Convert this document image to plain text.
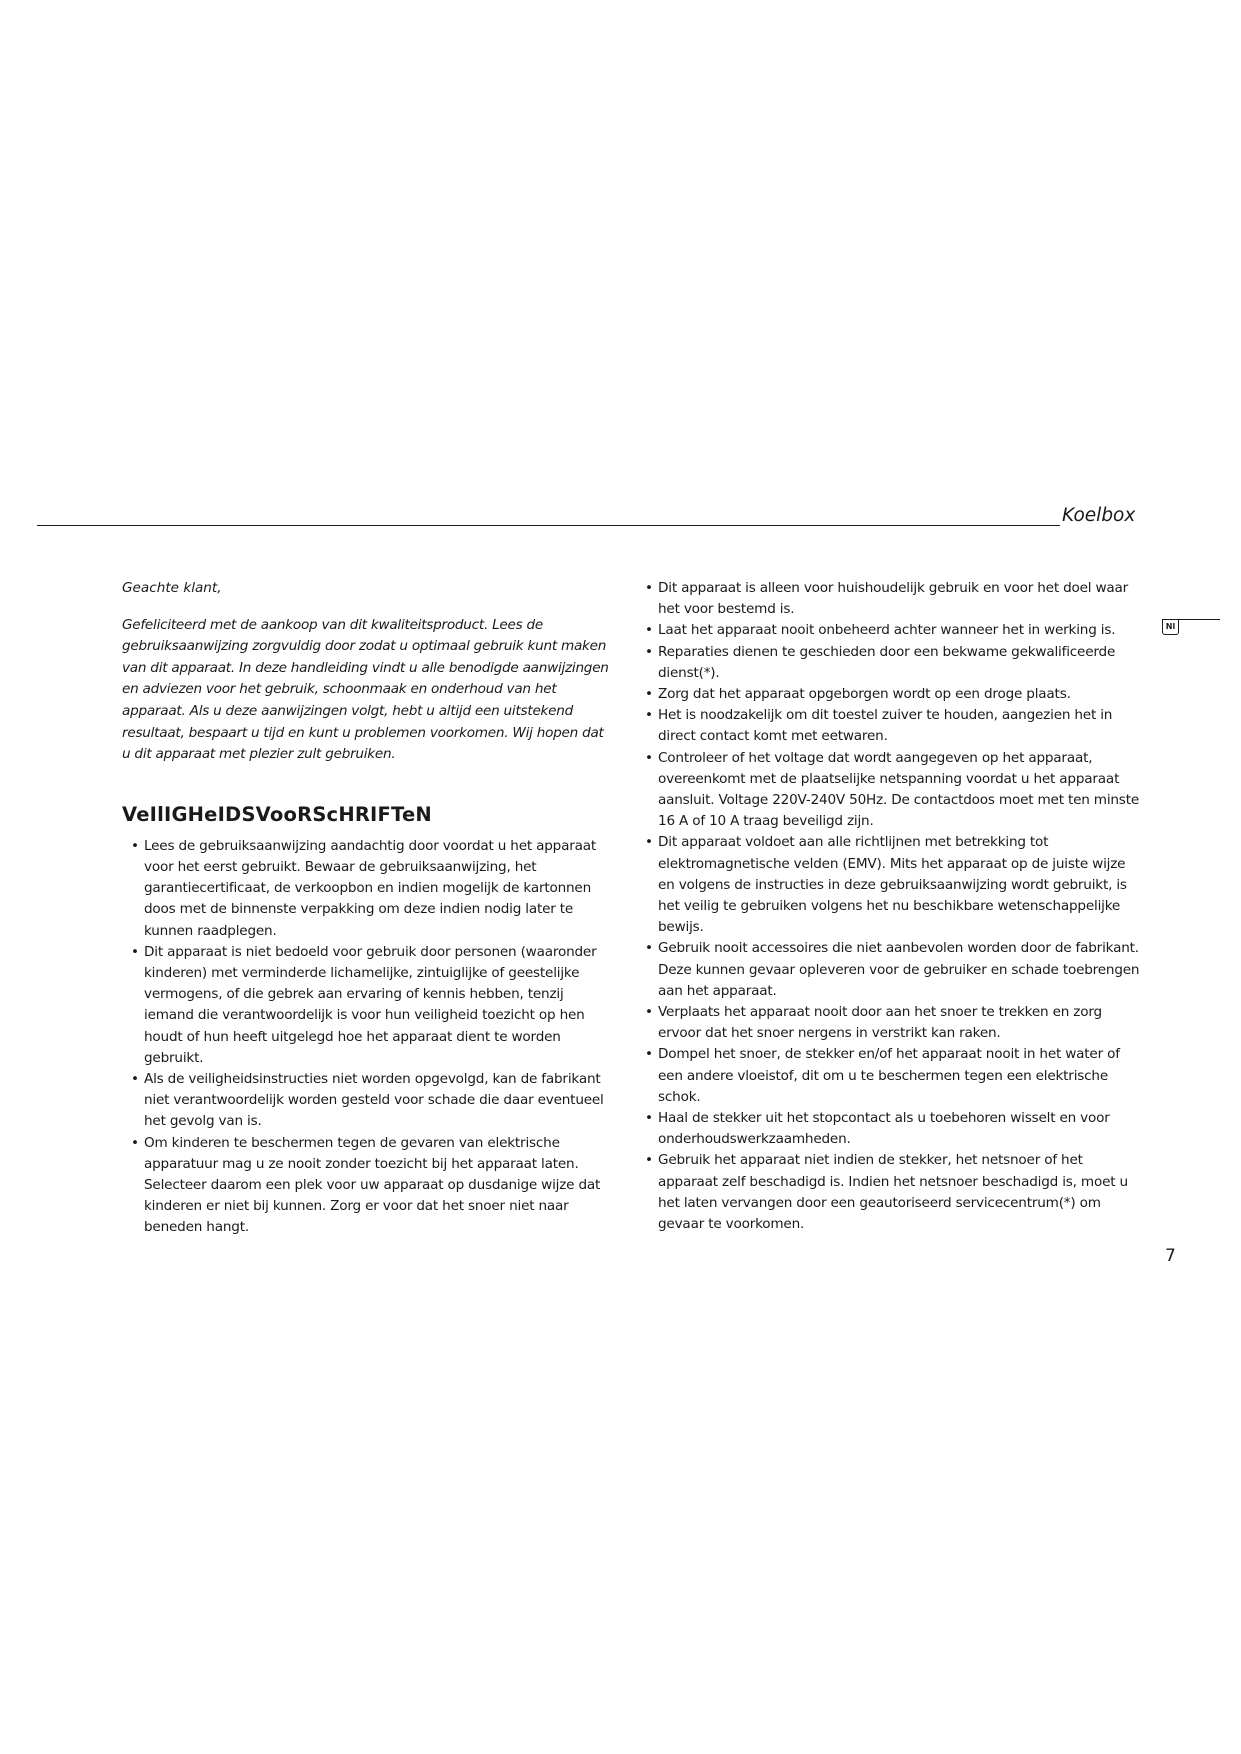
Koelbox
Nl

Geachte klant,

Gefeliciteerd met de aankoop van dit kwaliteitsproduct. Lees de gebruiksaanwijzing zorgvuldig door zodat u optimaal gebruik kunt maken van dit apparaat. In deze handleiding vindt u alle benodigde aanwijzingen en adviezen voor het gebruik, schoonmaak en onderhoud van het apparaat. Als u deze aanwijzingen volgt, hebt u altijd een uitstekend resultaat, bespaart u tijd en kunt u problemen voorkomen. Wij hopen dat u dit apparaat met plezier zult gebruiken.

VeIlIGHeIDSVooRScHRIFTeN
• Lees de gebruiksaanwijzing aandachtig door voordat u het apparaat voor het eerst gebruikt. Bewaar de gebruiksaanwijzing, het garantiecertificaat, de verkoopbon en indien mogelijk de kartonnen doos met de binnenste verpakking om deze indien nodig later te kunnen raadplegen.
• Dit apparaat is niet bedoeld voor gebruik door personen (waaronder kinderen) met verminderde lichamelijke, zintuiglijke of geestelijke vermogens, of die gebrek aan ervaring of kennis hebben, tenzij iemand die verantwoordelijk is voor hun veiligheid toezicht op hen houdt of hun heeft uitgelegd hoe het apparaat dient te worden gebruikt.
• Als de veiligheidsinstructies niet worden opgevolgd, kan de fabrikant niet verantwoordelijk worden gesteld voor schade die daar eventueel het gevolg van is.
• Om kinderen te beschermen tegen de gevaren van elektrische apparatuur mag u ze nooit zonder toezicht bij het apparaat laten. Selecteer daarom een plek voor uw apparaat op dusdanige wijze dat kinderen er niet bij kunnen. Zorg er voor dat het snoer niet naar beneden hangt.
• Dit apparaat is alleen voor huishoudelijk gebruik en voor het doel waar het voor bestemd is.
• Laat het apparaat nooit onbeheerd achter wanneer het in werking is.
• Reparaties dienen te geschieden door een bekwame gekwalificeerde dienst(*).
• Zorg dat het apparaat opgeborgen wordt op een droge plaats.
• Het is noodzakelijk om dit toestel zuiver te houden, aangezien het in direct contact komt met eetwaren.
• Controleer of het voltage dat wordt aangegeven op het apparaat, overeenkomt met de plaatselijke netspanning voordat u het apparaat aansluit. Voltage 220V-240V 50Hz. De contactdoos moet met ten minste 16 A of 10 A traag beveiligd zijn.
• Dit apparaat voldoet aan alle richtlijnen met betrekking tot elektromagnetische velden (EMV). Mits het apparaat op de juiste wijze en volgens de instructies in deze gebruiksaanwijzing wordt gebruikt, is het veilig te gebruiken volgens het nu beschikbare wetenschappelijke bewijs.
• Gebruik nooit accessoires die niet aanbevolen worden door de fabrikant. Deze kunnen gevaar opleveren voor de gebruiker en schade toebrengen aan het apparaat.
• Verplaats het apparaat nooit door aan het snoer te trekken en zorg ervoor dat het snoer nergens in verstrikt kan raken.
• Dompel het snoer, de stekker en/of het apparaat nooit in het water of een andere vloeistof, dit om u te beschermen tegen een elektrische schok.
• Haal de stekker uit het stopcontact als u toebehoren wisselt en voor onderhoudswerkzaamheden.
• Gebruik het apparaat niet indien de stekker, het netsnoer of het apparaat zelf beschadigd is. Indien het netsnoer beschadigd is, moet u het laten vervangen door een geautoriseerd servicecentrum(*) om gevaar te voorkomen.
7
